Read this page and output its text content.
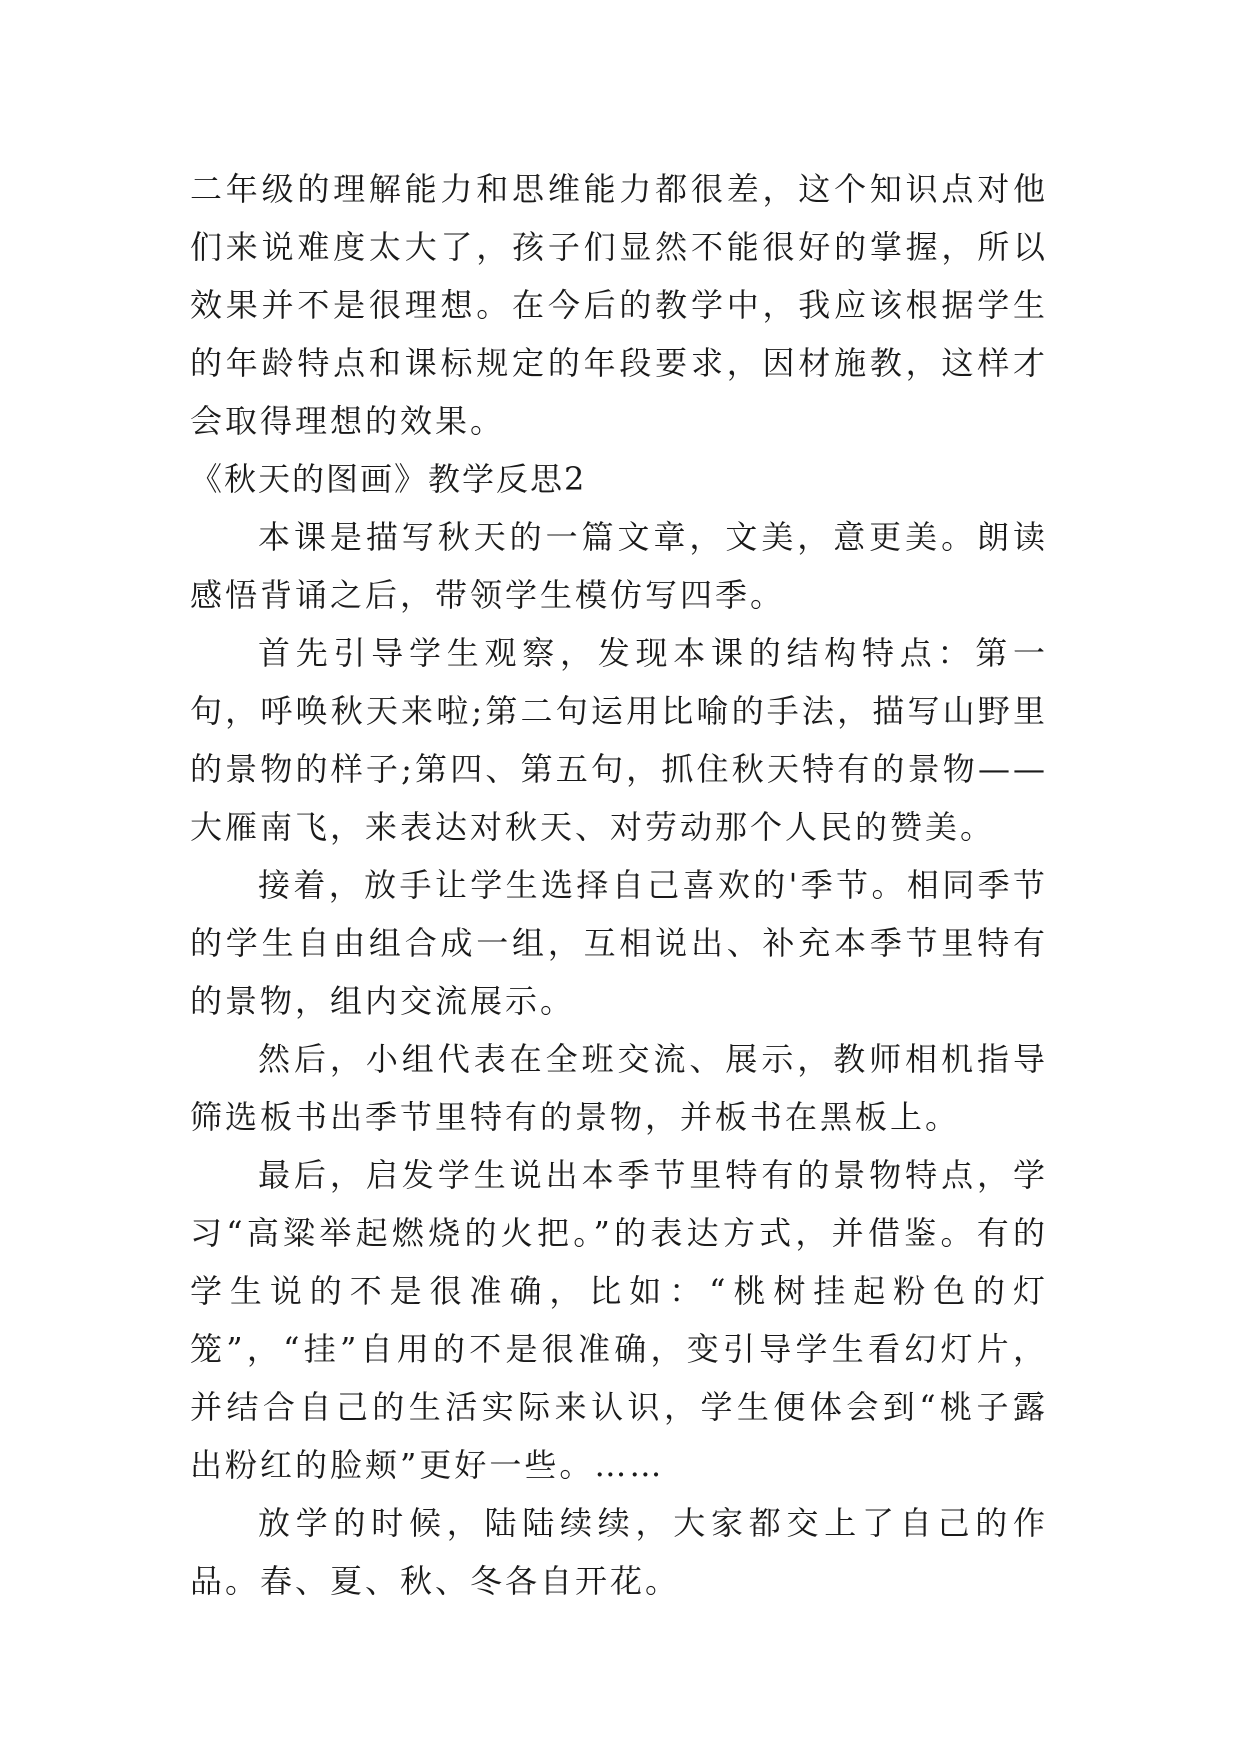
二年级的理解能力和思维能力都很差，这个知识点对他们来说难度太大了，孩子们显然不能很好的掌握，所以效果并不是很理想。在今后的教学中，我应该根据学生的年龄特点和课标规定的年段要求，因材施教，这样才会取得理想的效果。

《秋天的图画》教学反思2

本课是描写秋天的一篇文章，文美，意更美。朗读感悟背诵之后，带领学生模仿写四季。

首先引导学生观察，发现本课的结构特点：第一句，呼唤秋天来啦;第二句运用比喻的手法，描写山野里的景物的样子;第四、第五句，抓住秋天特有的景物——大雁南飞，来表达对秋天、对劳动那个人民的赞美。

接着，放手让学生选择自己喜欢的'季节。相同季节的学生自由组合成一组，互相说出、补充本季节里特有的景物，组内交流展示。

然后，小组代表在全班交流、展示，教师相机指导筛选板书出季节里特有的景物，并板书在黑板上。

最后，启发学生说出本季节里特有的景物特点，学习“高粱举起燃烧的火把。”的表达方式，并借鉴。有的学生说的不是很准确，比如：“桃树挂起粉色的灯笼”，“挂”自用的不是很准确，变引导学生看幻灯片，并结合自己的生活实际来认识，学生便体会到“桃子露出粉红的脸颊”更好一些。……

放学的时候，陆陆续续，大家都交上了自己的作品。春、夏、秋、冬各自开花。
